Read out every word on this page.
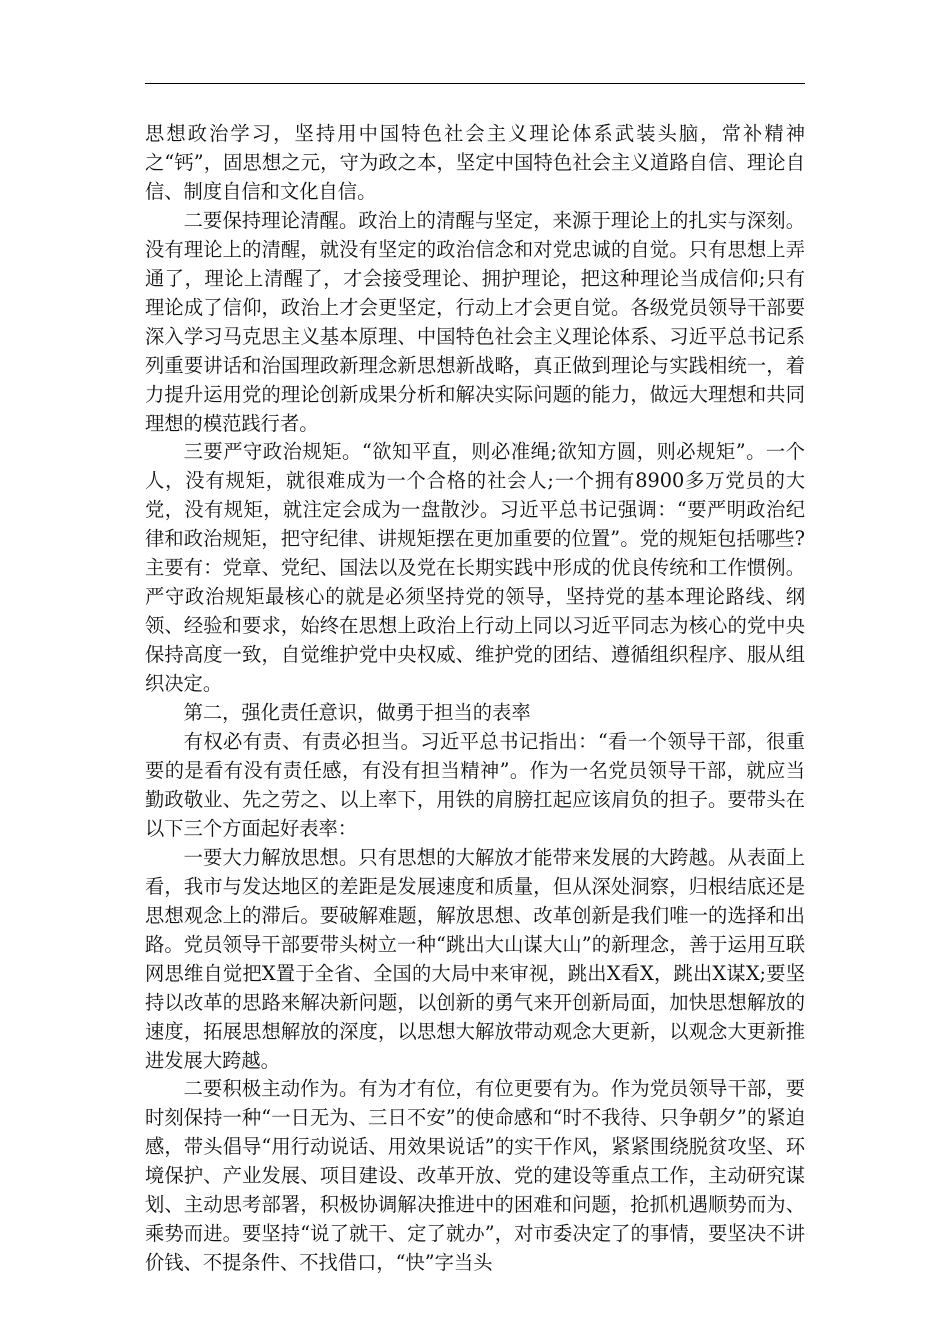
思想政治学习，坚持用中国特色社会主义理论体系武装头脑，常补精神之“钙”，固思想之元，守为政之本，坚定中国特色社会主义道路自信、理论自信、制度自信和文化自信。

二要保持理论清醒。政治上的清醒与坚定，来源于理论上的扎实与深刻。没有理论上的清醒，就没有坚定的政治信念和对党忠诚的自觉。只有思想上弄通了，理论上清醒了，才会接受理论、拥护理论，把这种理论当成信仰;只有理论成了信仰，政治上才会更坚定，行动上才会更自觉。各级党员领导干部要深入学习马克思主义基本原理、中国特色社会主义理论体系、习近平总书记系列重要讲话和治国理政新理念新思想新战略，真正做到理论与实践相统一，着力提升运用党的理论创新成果分析和解决实际问题的能力，做远大理想和共同理想的模范践行者。

三要严守政治规矩。“欲知平直，则必准绳;欲知方圆，则必规矩”。一个人，没有规矩，就很难成为一个合格的社会人;一个拥有8900多万党员的大党，没有规矩，就注定会成为一盘散沙。习近平总书记强调：“要严明政治纪律和政治规矩，把守纪律、讲规矩摆在更加重要的位置”。党的规矩包括哪些?主要有：党章、党纪、国法以及党在长期实践中形成的优良传统和工作惯例。严守政治规矩最核心的就是必须坚持党的领导，坚持党的基本理论路线、纲领、经验和要求，始终在思想上政治上行动上同以习近平同志为核心的党中央保持高度一致，自觉维护党中央权威、维护党的团结、遵循组织程序、服从组织决定。

第二，强化责任意识，做勇于担当的表率

有权必有责、有责必担当。习近平总书记指出：“看一个领导干部，很重要的是看有没有责任感，有没有担当精神”。作为一名党员领导干部，就应当勤政敬业、先之劳之、以上率下，用铁的肩膀扛起应该肩负的担子。要带头在以下三个方面起好表率：

一要大力解放思想。只有思想的大解放才能带来发展的大跨越。从表面上看，我市与发达地区的差距是发展速度和质量，但从深处洞察，归根结底还是思想观念上的滞后。要破解难题，解放思想、改革创新是我们唯一的选择和出路。党员领导干部要带头树立一种“跳出大山谋大山”的新理念，善于运用互联网思维自觉把X置于全省、全国的大局中来审视，跳出X看X，跳出X谋X;要坚持以改革的思路来解决新问题，以创新的勇气来开创新局面，加快思想解放的速度，拓展思想解放的深度，以思想大解放带动观念大更新，以观念大更新推进发展大跨越。

二要积极主动作为。有为才有位，有位更要有为。作为党员领导干部，要时刻保持一种“一日无为、三日不安”的使命感和“时不我待、只争朝夕”的紧迫感，带头倡导“用行动说话、用效果说话”的实干作风，紧紧围绕脱贫攻坚、环境保护、产业发展、项目建设、改革开放、党的建设等重点工作，主动研究谋划、主动思考部署，积极协调解决推进中的困难和问题，抢抓机遇顺势而为、乘势而进。要坚持“说了就干、定了就办”，对市委决定了的事情，要坚决不讲价钱、不提条件、不找借口，“快”字当头
